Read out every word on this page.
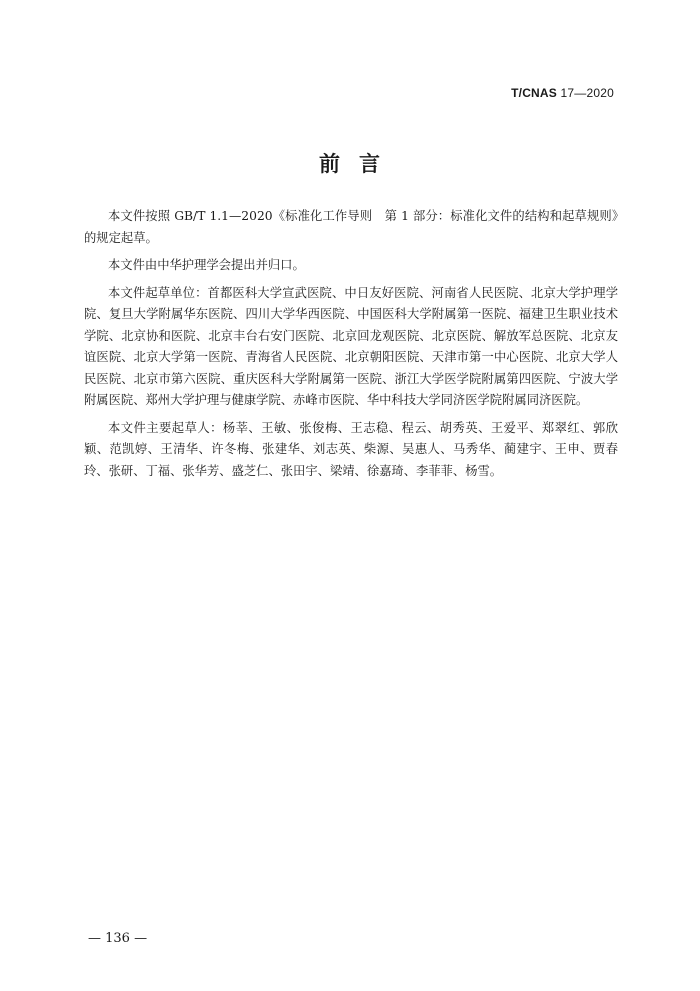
T/CNAS 17—2020
前 言

本文件按照 GB/T 1.1—2020《标准化工作导则　第 1 部分：标准化文件的结构和起草规则》的规定起草。

本文件由中华护理学会提出并归口。

本文件起草单位：首都医科大学宣武医院、中日友好医院、河南省人民医院、北京大学护理学院、复旦大学附属华东医院、四川大学华西医院、中国医科大学附属第一医院、福建卫生职业技术学院、北京协和医院、北京丰台右安门医院、北京回龙观医院、北京医院、解放军总医院、北京友谊医院、北京大学第一医院、青海省人民医院、北京朝阳医院、天津市第一中心医院、北京大学人民医院、北京市第六医院、重庆医科大学附属第一医院、浙江大学医学院附属第四医院、宁波大学附属医院、郑州大学护理与健康学院、赤峰市医院、华中科技大学同济医学院附属同济医院。

本文件主要起草人：杨莘、王敏、张俊梅、王志稳、程云、胡秀英、王爱平、郑翠红、郭欣颖、范凯婷、王清华、许冬梅、张建华、刘志英、柴源、吴惠人、马秀华、蔺建宇、王申、贾春玲、张研、丁福、张华芳、盛芝仁、张田宇、梁靖、徐嘉琦、李菲菲、杨雪。

— 136 —
